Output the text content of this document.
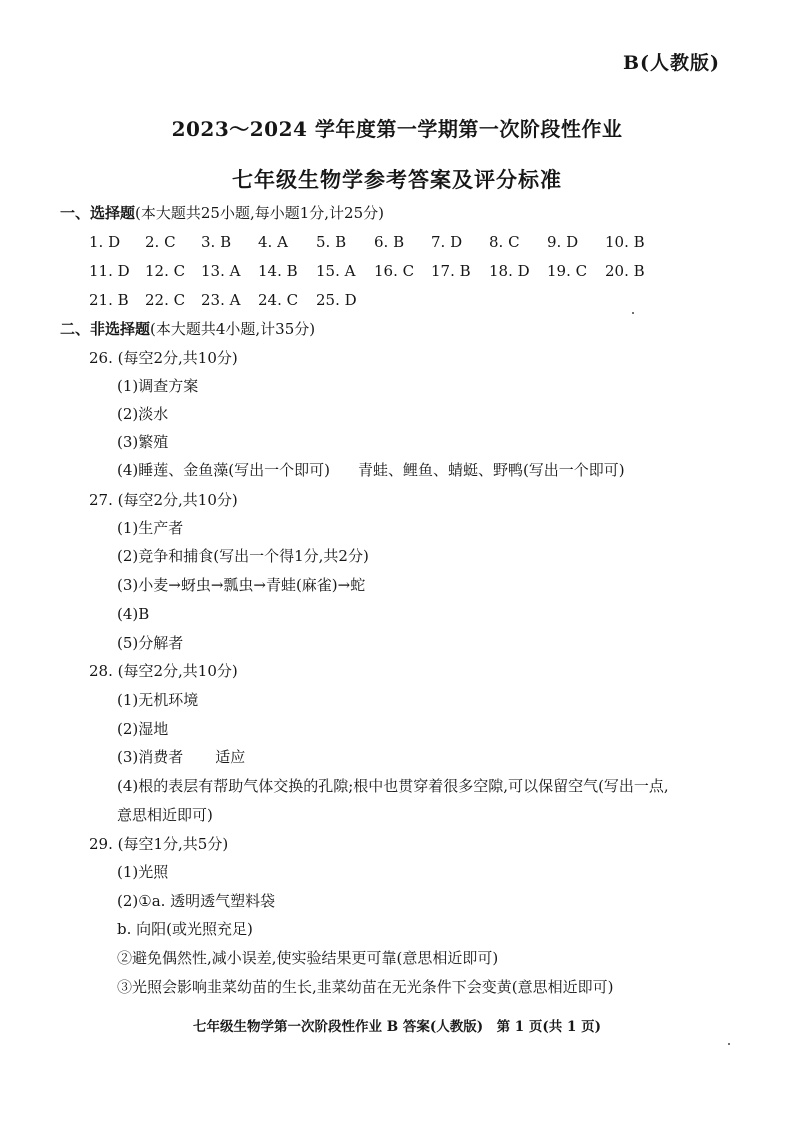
B(人教版)
2023～2024 学年度第一学期第一次阶段性作业
七年级生物学参考答案及评分标准
一、选择题(本大题共25小题,每小题1分,计25分)
1. D 2. C 3. B 4. A 5. B 6. B 7. D 8. C 9. D 10. B
11. D 12. C 13. A 14. B 15. A 16. C 17. B 18. D 19. C 20. B
21. B 22. C 23. A 24. C 25. D
二、非选择题(本大题共4小题,计35分)
26. (每空2分,共10分)
(1)调查方案
(2)淡水
(3)繁殖
(4)睡莲、金鱼藻(写出一个即可) 青蛙、鲤鱼、蜻蜓、野鸭(写出一个即可)
27. (每空2分,共10分)
(1)生产者
(2)竞争和捕食(写出一个得1分,共2分)
(3)小麦→蚜虫→瓢虫→青蛙(麻雀)→蛇
(4)B
(5)分解者
28. (每空2分,共10分)
(1)无机环境
(2)湿地
(3)消费者 适应
(4)根的表层有帮助气体交换的孔隙;根中也贯穿着很多空隙,可以保留空气(写出一点,
意思相近即可)
29. (每空1分,共5分)
(1)光照
(2)①a. 透明透气塑料袋
b. 向阳(或光照充足)
②避免偶然性,减小误差,使实验结果更可靠(意思相近即可)
③光照会影响韭菜幼苗的生长,韭菜幼苗在无光条件下会变黄(意思相近即可)
七年级生物学第一次阶段性作业 B 答案(人教版)　第 1 页(共 1 页)
